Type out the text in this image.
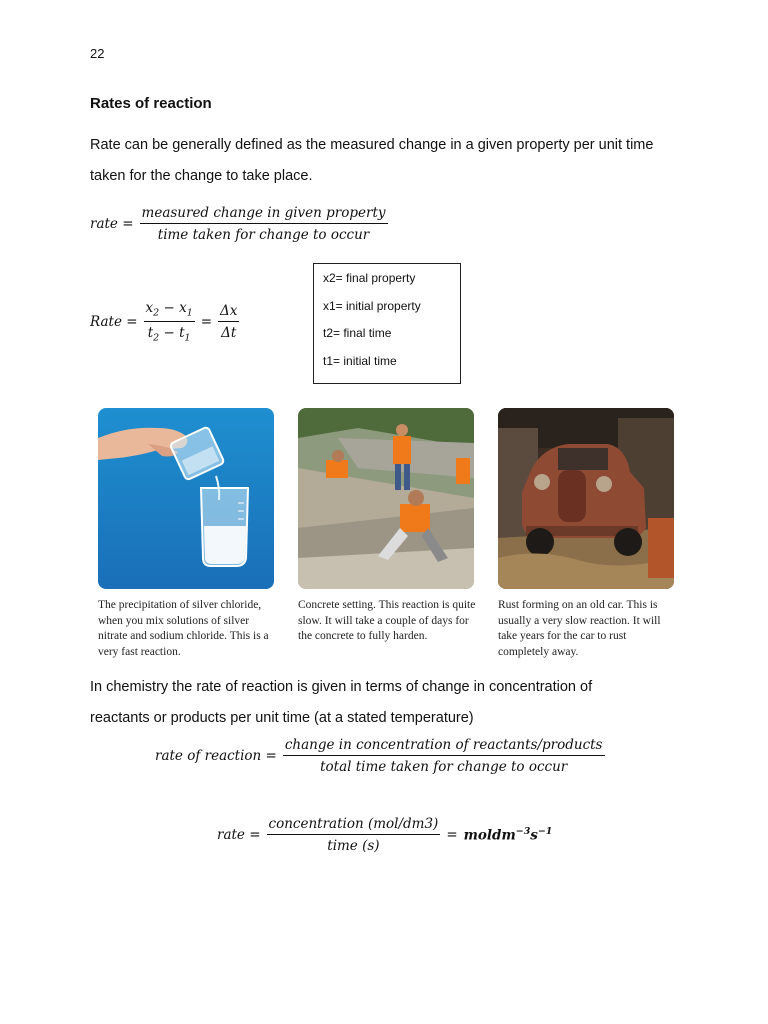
22
Rates of reaction
Rate can be generally defined as the measured change in a given property per unit time
taken for the change to take place.
rate = $\frac{\text{measured change in given property}}{\text{time taken for change to occur}}$
Rate = $\frac{x_2 - x_1}{t_2 - t_1} = \frac{\Delta x}{\Delta t}$
x2= final property
x1= initial property
t2= final time
t1= initial time
The precipitation of silver chloride, when you mix solutions of silver nitrate and sodium chloride. This is a very fast reaction.
Concrete setting. This reaction is quite slow. It will take a couple of days for the concrete to fully harden.
Rust forming on an old car. This is usually a very slow reaction. It will take years for the car to rust completely away.
In chemistry the rate of reaction is given in terms of change in concentration of
reactants or products per unit time (at a stated temperature)
rate of reaction = $\frac{\text{change in concentration of reactants/products}}{\text{total time taken for change to occur}}$
rate = $\frac{\text{concentration (mol/dm3)}}{\text{time (s)}}$ = $moldm^{-3}s^{-1}$
